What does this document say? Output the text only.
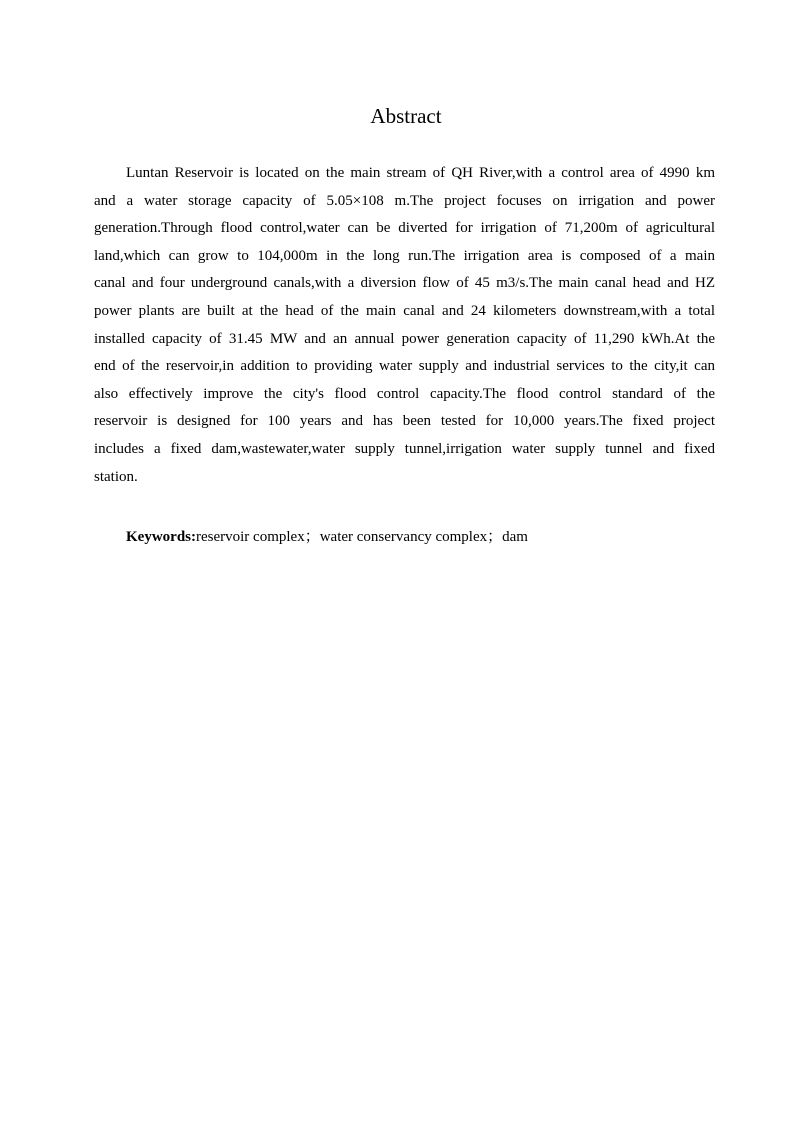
Abstract
Luntan Reservoir is located on the main stream of QH River,with a control area of 4990 km
and a water storage capacity of 5.05×108 m.The project focuses on irrigation and power
generation.Through flood control,water can be diverted for irrigation of 71,200m of agricultural
land,which can grow to 104,000m in the long run.The irrigation area is composed of a main
canal and four underground canals,with a diversion flow of 45 m3/s.The main canal head and HZ
power plants are built at the head of the main canal and 24 kilometers downstream,with a total
installed capacity of 31.45 MW and an annual power generation capacity of 11,290 kWh.At the
end of the reservoir,in addition to providing water supply and industrial services to the city,it can
also effectively improve the city's flood control capacity.The flood control standard of the
reservoir is designed for 100 years and has been tested for 10,000 years.The fixed project
includes a fixed dam,wastewater,water supply tunnel,irrigation water supply tunnel and fixed
station.

Keywords:reservoir complex；water conservancy complex；dam
